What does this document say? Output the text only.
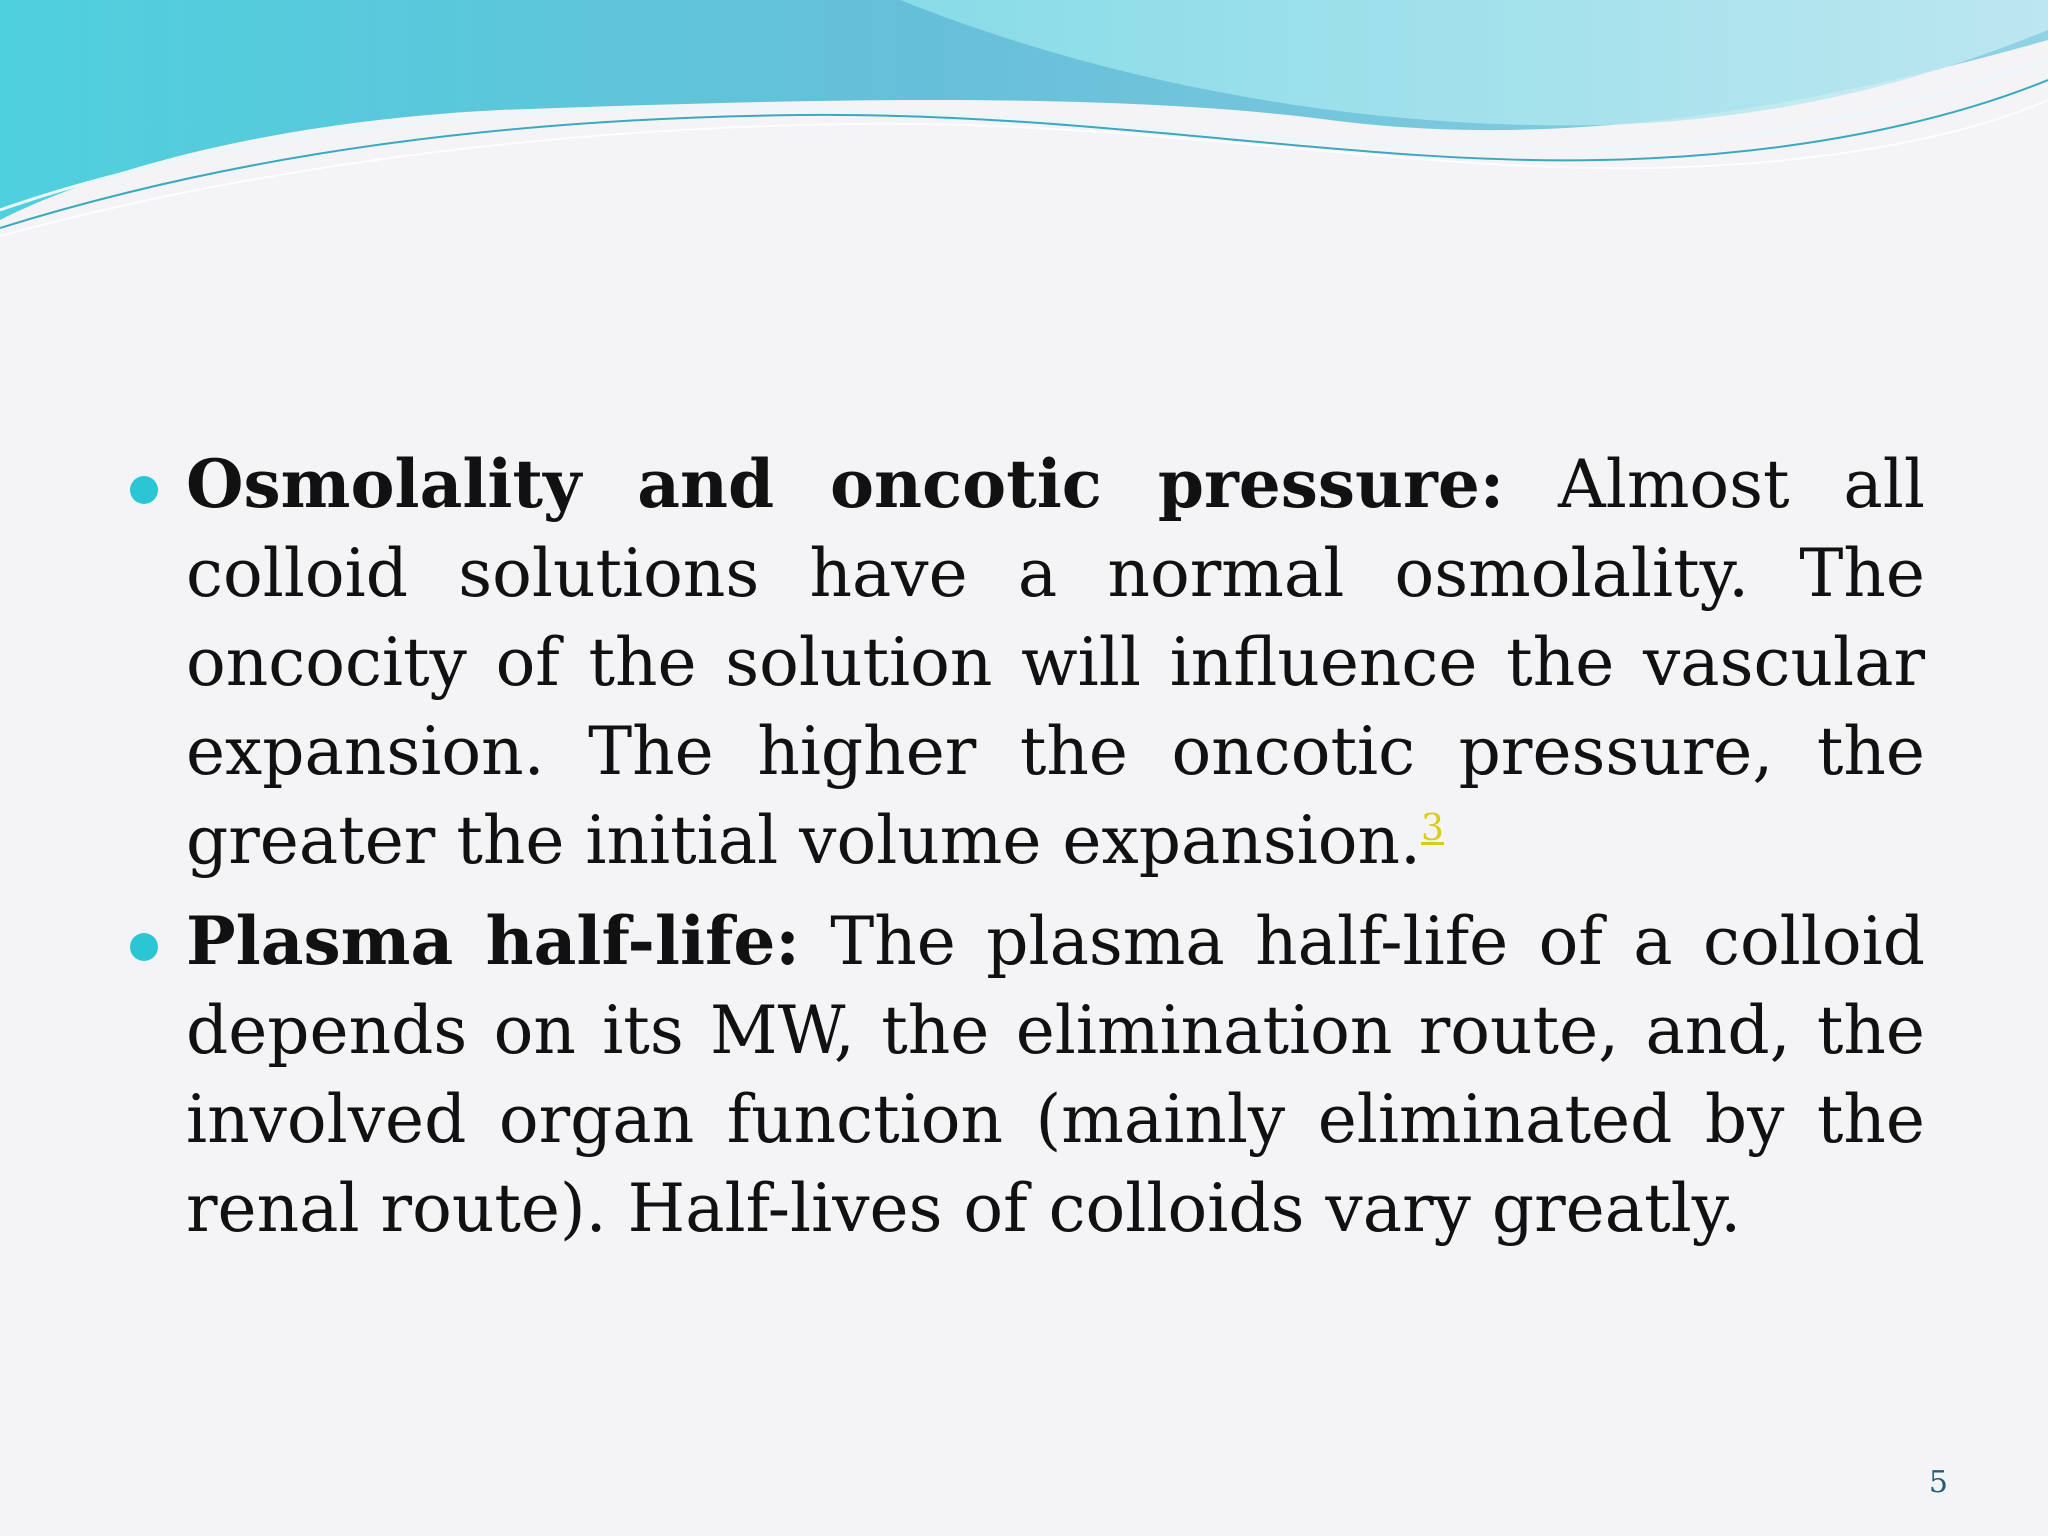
Osmolality and oncotic pressure: Almost all colloid solutions have a normal osmolality. The oncocity of the solution will influence the vascular expansion. The higher the oncotic pressure, the greater the initial volume expansion.$^3$

Plasma half-life: The plasma half-life of a colloid depends on its MW, the elimination route, and, the involved organ function (mainly eliminated by the renal route). Half-lives of colloids vary greatly.

5
